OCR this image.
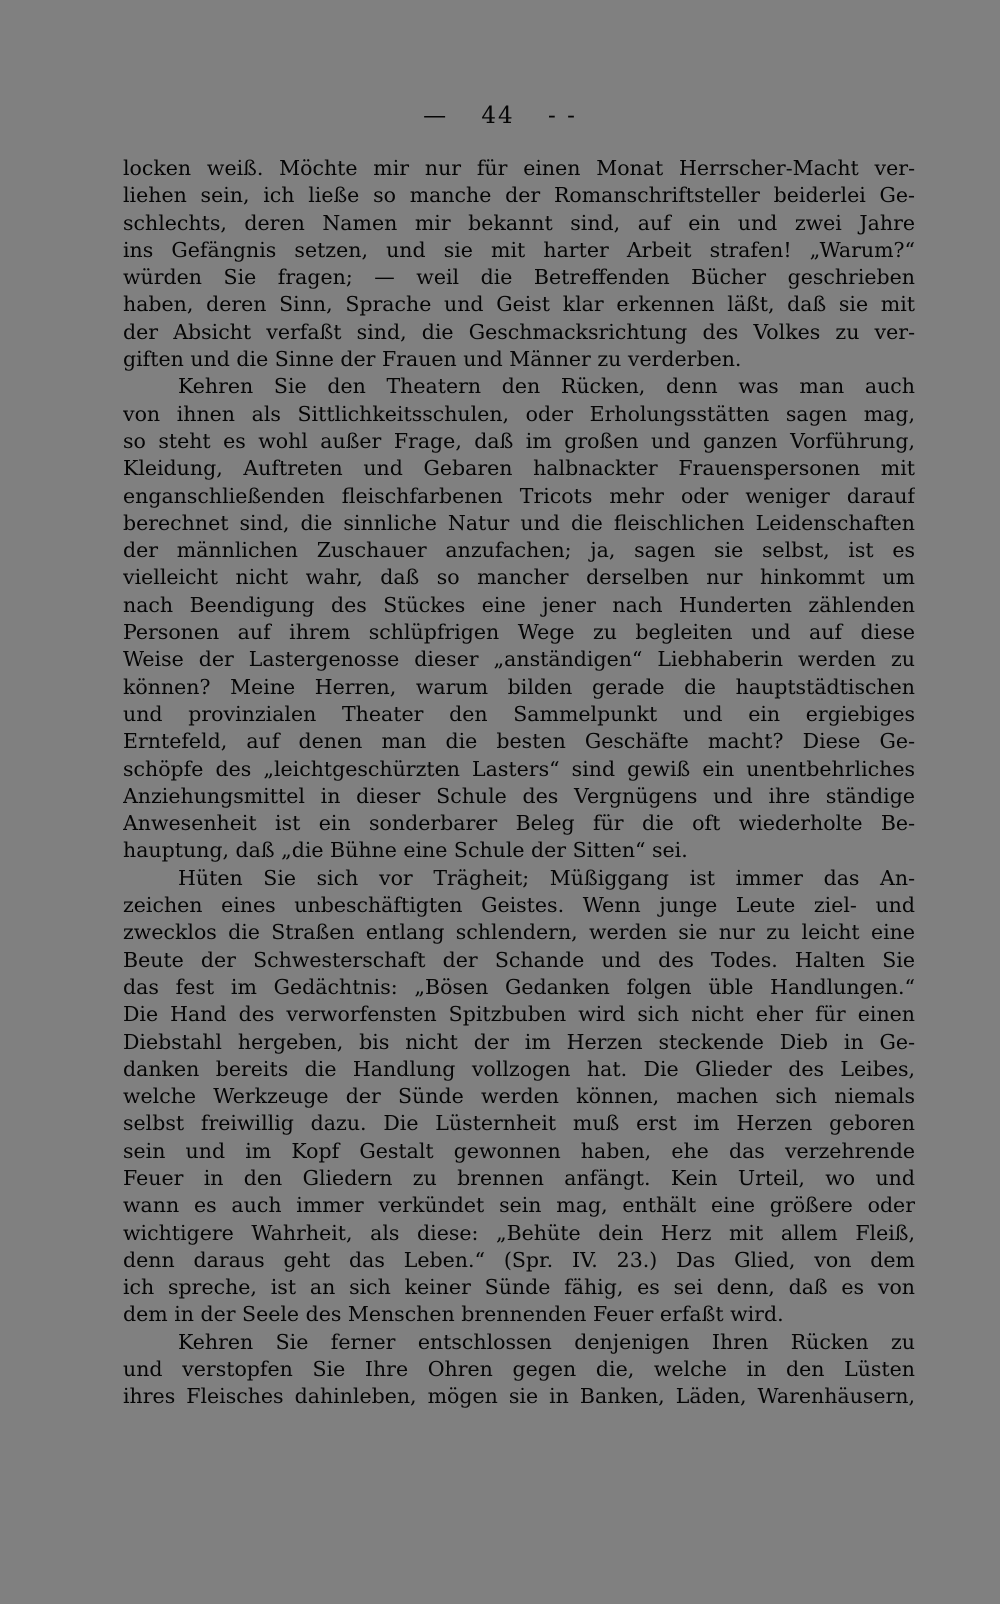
— 44 - -
locken weiß. Möchte mir nur für einen Monat Herrscher-Macht ver-
liehen sein, ich ließe so manche der Romanschriftsteller beiderlei Ge-
schlechts, deren Namen mir bekannt sind, auf ein und zwei Jahre
ins Gefängnis setzen, und sie mit harter Arbeit strafen! „Warum?“
würden Sie fragen; — weil die Betreffenden Bücher geschrieben
haben, deren Sinn, Sprache und Geist klar erkennen läßt, daß sie mit
der Absicht verfaßt sind, die Geschmacksrichtung des Volkes zu ver-
giften und die Sinne der Frauen und Männer zu verderben.
Kehren Sie den Theatern den Rücken, denn was man auch
von ihnen als Sittlichkeitsschulen, oder Erholungsstätten sagen mag,
so steht es wohl außer Frage, daß im großen und ganzen Vorführung,
Kleidung, Auftreten und Gebaren halbnackter Frauenspersonen mit
enganschließenden fleischfarbenen Tricots mehr oder weniger darauf
berechnet sind, die sinnliche Natur und die fleischlichen Leidenschaften
der männlichen Zuschauer anzufachen; ja, sagen sie selbst, ist es
vielleicht nicht wahr, daß so mancher derselben nur hinkommt um
nach Beendigung des Stückes eine jener nach Hunderten zählenden
Personen auf ihrem schlüpfrigen Wege zu begleiten und auf diese
Weise der Lastergenosse dieser „anständigen“ Liebhaberin werden zu
können? Meine Herren, warum bilden gerade die hauptstädtischen
und provinzialen Theater den Sammelpunkt und ein ergiebiges
Erntefeld, auf denen man die besten Geschäfte macht? Diese Ge-
schöpfe des „leichtgeschürzten Lasters“ sind gewiß ein unentbehrliches
Anziehungsmittel in dieser Schule des Vergnügens und ihre ständige
Anwesenheit ist ein sonderbarer Beleg für die oft wiederholte Be-
hauptung, daß „die Bühne eine Schule der Sitten“ sei.
Hüten Sie sich vor Trägheit; Müßiggang ist immer das An-
zeichen eines unbeschäftigten Geistes. Wenn junge Leute ziel- und
zwecklos die Straßen entlang schlendern, werden sie nur zu leicht eine
Beute der Schwesterschaft der Schande und des Todes. Halten Sie
das fest im Gedächtnis: „Bösen Gedanken folgen üble Handlungen.“
Die Hand des verworfensten Spitzbuben wird sich nicht eher für einen
Diebstahl hergeben, bis nicht der im Herzen steckende Dieb in Ge-
danken bereits die Handlung vollzogen hat. Die Glieder des Leibes,
welche Werkzeuge der Sünde werden können, machen sich niemals
selbst freiwillig dazu. Die Lüsternheit muß erst im Herzen geboren
sein und im Kopf Gestalt gewonnen haben, ehe das verzehrende
Feuer in den Gliedern zu brennen anfängt. Kein Urteil, wo und
wann es auch immer verkündet sein mag, enthält eine größere oder
wichtigere Wahrheit, als diese: „Behüte dein Herz mit allem Fleiß,
denn daraus geht das Leben.“ (Spr. IV. 23.) Das Glied, von dem
ich spreche, ist an sich keiner Sünde fähig, es sei denn, daß es von
dem in der Seele des Menschen brennenden Feuer erfaßt wird.
Kehren Sie ferner entschlossen denjenigen Ihren Rücken zu
und verstopfen Sie Ihre Ohren gegen die, welche in den Lüsten
ihres Fleisches dahinleben, mögen sie in Banken, Läden, Warenhäusern,
